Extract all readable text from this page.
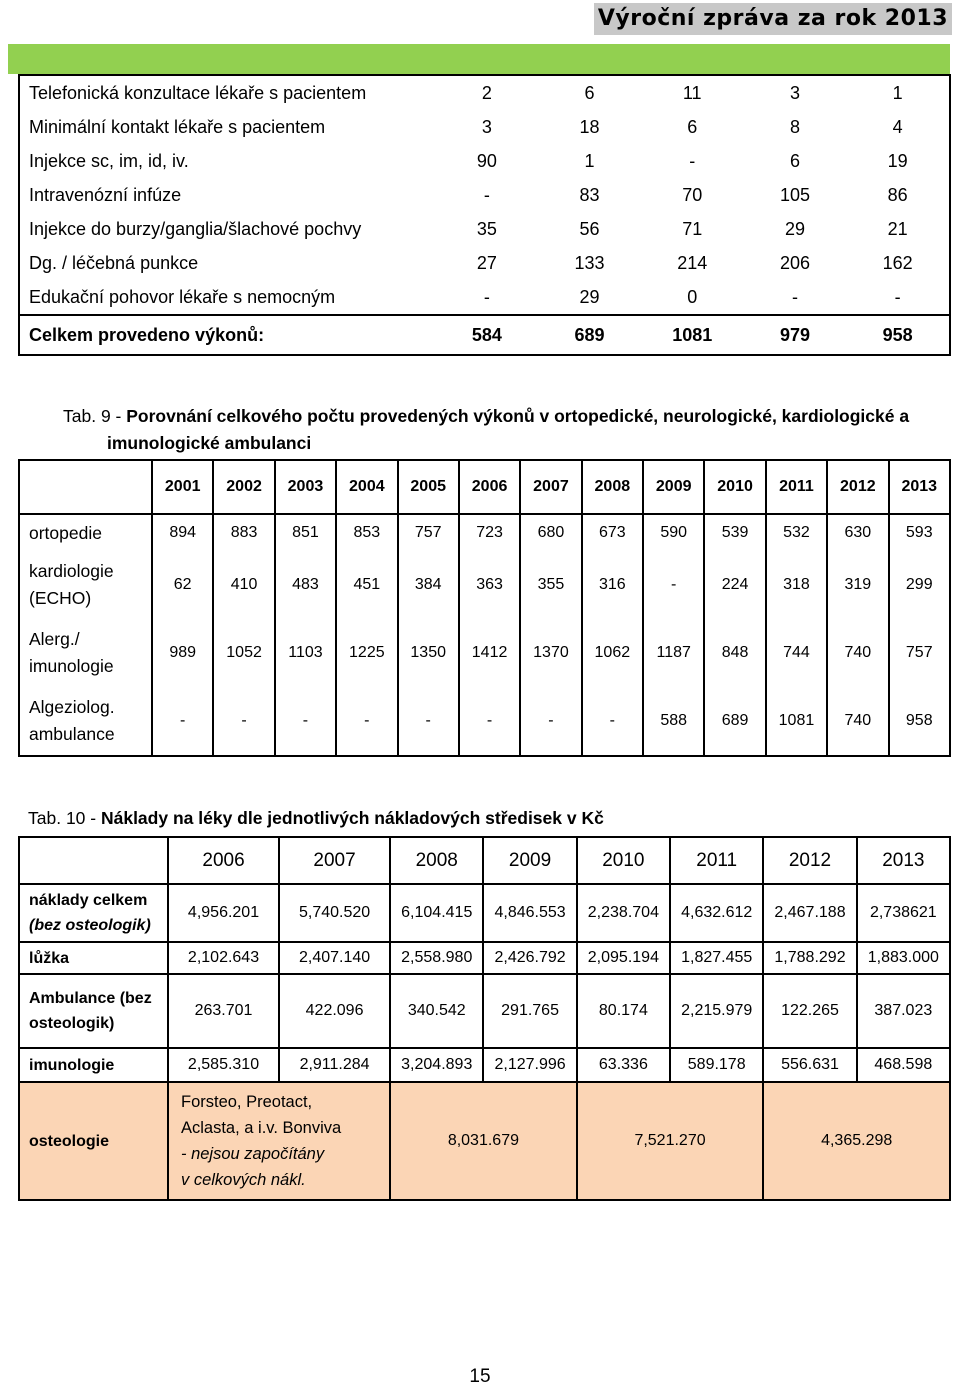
Výroční zpráva za rok 2013
Telefonická konzultace lékaře s pacientem	2	6	11	3	1
Minimální kontakt lékaře s pacientem	3	18	6	8	4
Injekce sc, im, id, iv.	90	1	-	6	19
Intravenózní infúze	-	83	70	105	86
Injekce do burzy/ganglia/šlachové pochvy	35	56	71	29	21
Dg. / léčebná punkce	27	133	214	206	162
Edukační pohovor lékaře s nemocným	-	29	0	-	-
Celkem provedeno výkonů:	584	689	1081	979	958
Tab. 9 - Porovnání celkového počtu provedených výkonů v ortopedické, neurologické, kardiologické a
imunologické ambulanci
	2001	2002	2003	2004	2005	2006	2007	2008	2009	2010	2011	2012	2013

ortopedie	894	883	851	853	757	723	680	673	590	539	532	630	593

kardiologie
(ECHO)	62	410	483	451	384	363	355	316	-	224	318	319	299

Alerg./
imunologie	989	1052	1103	1225	1350	1412	1370	1062	1187	848	744	740	757

Algeziolog.
ambulance	-	-	-	-	-	-	-	-	588	689	1081	740	958
Tab. 10 - Náklady na léky dle jednotlivých nákladových středisek v Kč
	2006	2007	2008	2009	2010	2011	2012	2013

náklady celkem
(bez osteologik)	4,956.201	5,740.520	6,104.415	4,846.553	2,238.704	4,632.612	2,467.188	2,738621

lůžka	2,102.643	2,407.140	2,558.980	2,426.792	2,095.194	1,827.455	1,788.292	1,883.000

Ambulance (bez
osteologik)	263.701	422.096	340.542	291.765	80.174	2,215.979	122.265	387.023

imunologie	2,585.310	2,911.284	3,204.893	2,127.996	63.336	589.178	556.631	468.598
osteologie	Forsteo, Preotact,
Aclasta, a i.v. Bonviva
- nejsou započítány
v celkových nákl.		8,031.679		7,521.270		4,365.298	
15
